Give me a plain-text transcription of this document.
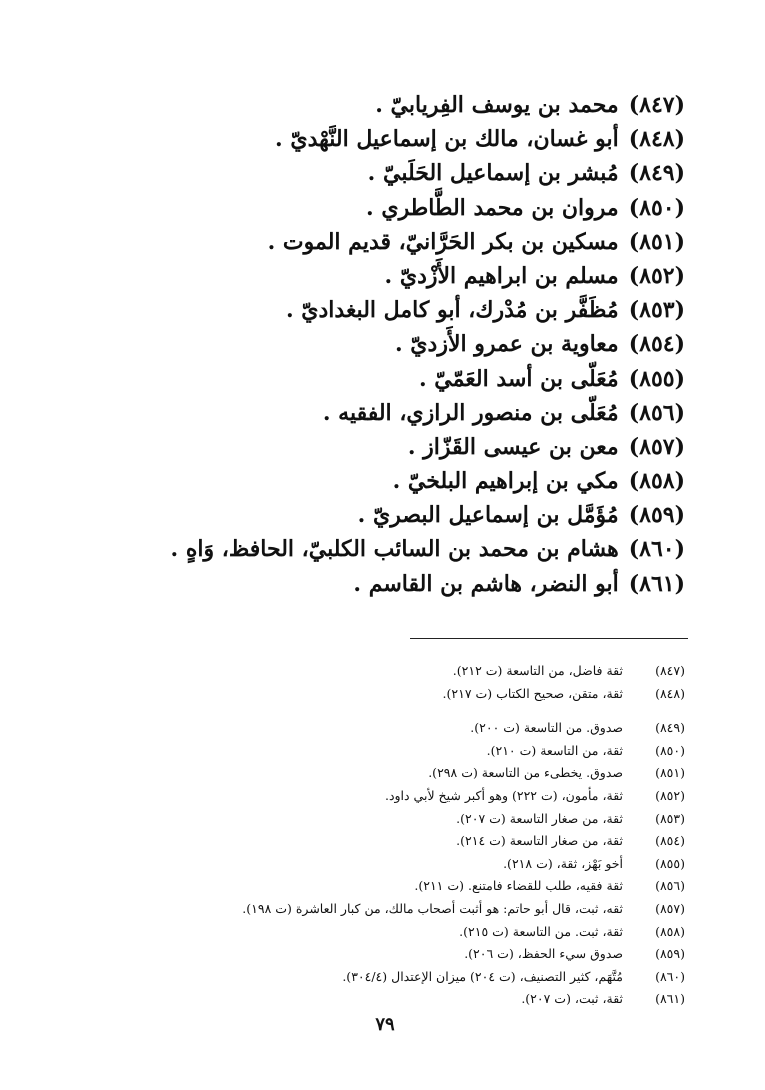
(٨٤٧)محمد بن يوسف الفِريابيّ .
(٨٤٨)أبو غسان، مالك بن إسماعيل النَّهْديّ .
(٨٤٩)مُبشر بن إسماعيل الحَلَبيّ .
(٨٥٠)مروان بن محمد الطَّاطري .
(٨٥١)مسكين بن بكر الحَرَّانيّ، قديم الموت .
(٨٥٢)مسلم بن ابراهيم الأَزْديّ .
(٨٥٣)مُظَفَّر بن مُدْرك، أبو كامل البغداديّ .
(٨٥٤)معاوية بن عمرو الأَزديّ .
(٨٥٥)مُعَلّى بن أسد العَمّيّ .
(٨٥٦)مُعَلّى بن منصور الرازي، الفقيه .
(٨٥٧)معن بن عيسى القَزّاز .
(٨٥٨)مكي بن إبراهيم البلخيّ .
(٨٥٩)مُؤَمَّل بن إسماعيل البصريّ .
(٨٦٠)هشام بن محمد بن السائب الكلبيّ، الحافظ، وَاهٍ .
(٨٦١)أبو النضر، هاشم بن القاسم .
(٨٤٧)ثقة فاضل، من التاسعة (ت ٢١٢).
(٨٤٨)ثقة، متقن، صحيح الكتاب (ت ٢١٧).
(٨٤٩)صدوق. من التاسعة (ت ٢٠٠).
(٨٥٠)ثقة، من التاسعة (ت ٢١٠).
(٨٥١)صدوق. يخطىء من التاسعة (ت ٢٩٨).
(٨٥٢)ثقة، مأمون، (ت ٢٢٢) وهو أكبر شيخ لأبي داود.
(٨٥٣)ثقة، من صغار التاسعة (ت ٢٠٧).
(٨٥٤)ثقة، من صغار التاسعة (ت ٢١٤).
(٨٥٥)أخو بَهْز، ثقة، (ت ٢١٨).
(٨٥٦)ثقة فقيه، طلب للقضاء فامتنع. (ت ٢١١).
(٨٥٧)ثقه، ثبت، قال أبو حاتم: هو أثبت أصحاب مالك، من كبار العاشرة (ت ١٩٨).
(٨٥٨)ثقة، ثبت. من التاسعة (ت ٢١٥).
(٨٥٩)صدوق سيء الحفظ، (ت ٢٠٦).
(٨٦٠)مُتَّهَم، كثير التصنيف، (ت ٢٠٤) ميزان الإعتدال (٣٠٤/٤).
(٨٦١)ثقة، ثبت، (ت ٢٠٧).
٧٩
